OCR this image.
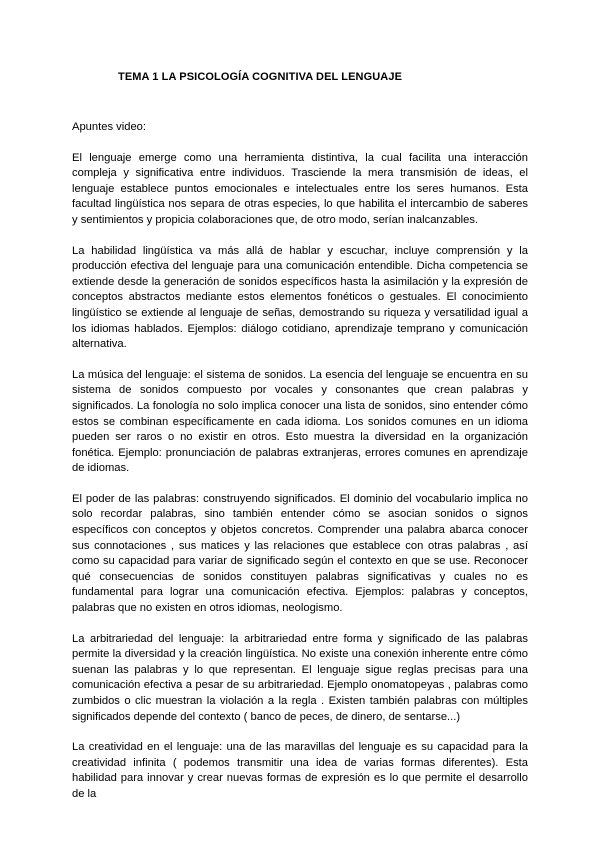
TEMA 1 LA PSICOLOGÍA COGNITIVA DEL LENGUAJE

Apuntes video:

El lenguaje emerge como una herramienta distintiva, la cual facilita una interacción compleja y significativa entre individuos. Trasciende la mera transmisión de ideas, el lenguaje establece puntos emocionales e intelectuales entre los seres humanos. Esta facultad lingüística nos separa de otras especies, lo que habilita el intercambio de saberes y sentimientos y propicia colaboraciones que, de otro modo, serían inalcanzables.

La habilidad lingüística va más allá de hablar y escuchar, incluye comprensión y la producción efectiva del lenguaje para una comunicación entendible. Dicha competencia se extiende desde la generación de sonidos específicos hasta la asimilación y la expresión de conceptos abstractos mediante estos elementos fonéticos o gestuales. El conocimiento lingüístico se extiende al lenguaje de señas, demostrando su riqueza y versatilidad igual a los idiomas hablados. Ejemplos: diálogo cotidiano, aprendizaje temprano y comunicación alternativa.

La música del lenguaje: el sistema de sonidos. La esencia del lenguaje se encuentra en su sistema de sonidos compuesto por vocales y consonantes que crean palabras y significados. La fonología no solo implica conocer una lista de sonidos, sino entender cómo estos se combinan específicamente en cada idioma. Los sonidos comunes en un idioma pueden ser raros o no existir en otros. Esto muestra la diversidad en la organización fonética. Ejemplo: pronunciación de palabras extranjeras, errores comunes en aprendizaje de idiomas.

El poder de las palabras: construyendo significados. El dominio del vocabulario implica no solo recordar palabras, sino también entender cómo se asocian sonidos o signos específicos con conceptos y objetos concretos. Comprender una palabra abarca conocer sus connotaciones , sus matices y las relaciones que establece con otras palabras , así como su capacidad para variar de significado según el contexto en que se use. Reconocer qué consecuencias de sonidos constituyen palabras significativas y cuales no es fundamental para lograr una comunicación efectiva. Ejemplos: palabras y conceptos, palabras que no existen en otros idiomas, neologismo.

La arbitrariedad del lenguaje: la arbitrariedad entre forma y significado de las palabras permite la diversidad y la creación lingüística. No existe una conexión inherente entre cómo suenan las palabras y lo que representan. El lenguaje sigue reglas precisas para una comunicación efectiva a pesar de su arbitrariedad. Ejemplo onomatopeyas , palabras como zumbidos o clic muestran la violación a la regla . Existen también palabras con múltiples significados depende del contexto ( banco de peces, de dinero, de sentarse...)

La creatividad en el lenguaje: una de las maravillas del lenguaje es su capacidad para la creatividad infinita ( podemos transmitir una idea de varias formas diferentes). Esta habilidad para innovar y crear nuevas formas de expresión es lo que permite el desarrollo de la
